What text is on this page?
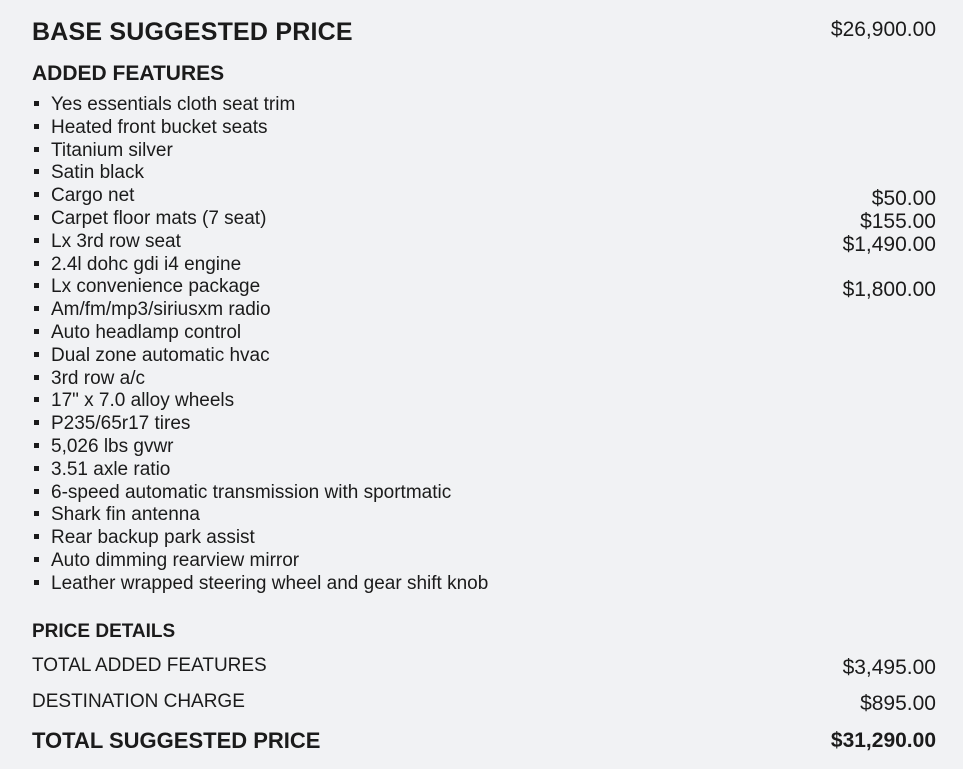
BASE SUGGESTED PRICE	$26,900.00
ADDED FEATURES
Yes essentials cloth seat trim
Heated front bucket seats
Titanium silver
Satin black
Cargo net	$50.00
Carpet floor mats (7 seat)	$155.00
Lx 3rd row seat	$1,490.00
2.4l dohc gdi i4 engine
Lx convenience package	$1,800.00
Am/fm/mp3/siriusxm radio
Auto headlamp control
Dual zone automatic hvac
3rd row a/c
17" x 7.0 alloy wheels
P235/65r17 tires
5,026 lbs gvwr
3.51 axle ratio
6-speed automatic transmission with sportmatic
Shark fin antenna
Rear backup park assist
Auto dimming rearview mirror
Leather wrapped steering wheel and gear shift knob
PRICE DETAILS
TOTAL ADDED FEATURES	$3,495.00
DESTINATION CHARGE	$895.00
TOTAL SUGGESTED PRICE	$31,290.00
